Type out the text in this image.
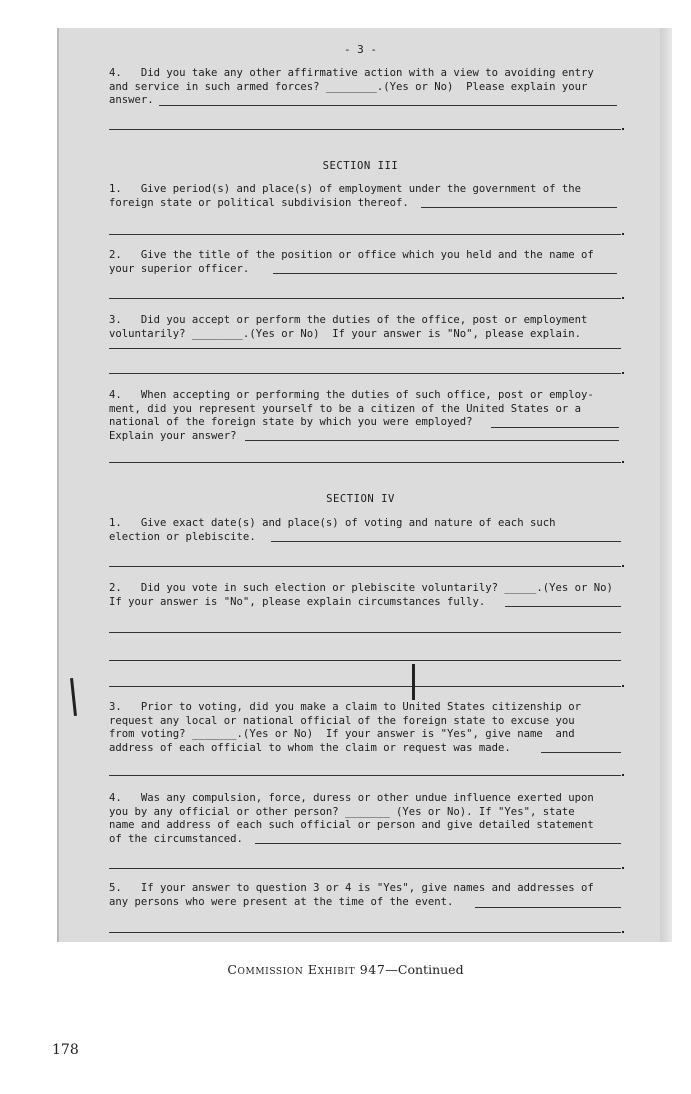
- 3 -
4.   Did you take any other affirmative action with a view to avoiding entry
and service in such armed forces? ________.(Yes or No)  Please explain your
answer.
SECTION III
1.   Give period(s) and place(s) of employment under the government of the
foreign state or political subdivision thereof.
2.   Give the title of the position or office which you held and the name of
your superior officer.
3.   Did you accept or perform the duties of the office, post or employment
voluntarily? ________.(Yes or No)  If your answer is "No", please explain.
4.   When accepting or performing the duties of such office, post or employ-
ment, did you represent yourself to be a citizen of the United States or a
national of the foreign state by which you were employed?
Explain your answer?
SECTION IV
1.   Give exact date(s) and place(s) of voting and nature of each such
election or plebiscite.
2.   Did you vote in such election or plebiscite voluntarily? _____.(Yes or No)
If your answer is "No", please explain circumstances fully.
3.   Prior to voting, did you make a claim to United States citizenship or
request any local or national official of the foreign state to excuse you
from voting? _______.(Yes or No)  If your answer is "Yes", give name  and
address of each official to whom the claim or request was made.
4.   Was any compulsion, force, duress or other undue influence exerted upon
you by any official or other person? _______ (Yes or No). If "Yes", state
name and address of each such official or person and give detailed statement
of the circumstanced.
5.   If your answer to question 3 or 4 is "Yes", give names and addresses of
any persons who were present at the time of the event.
Commission Exhibit 947—Continued
178
